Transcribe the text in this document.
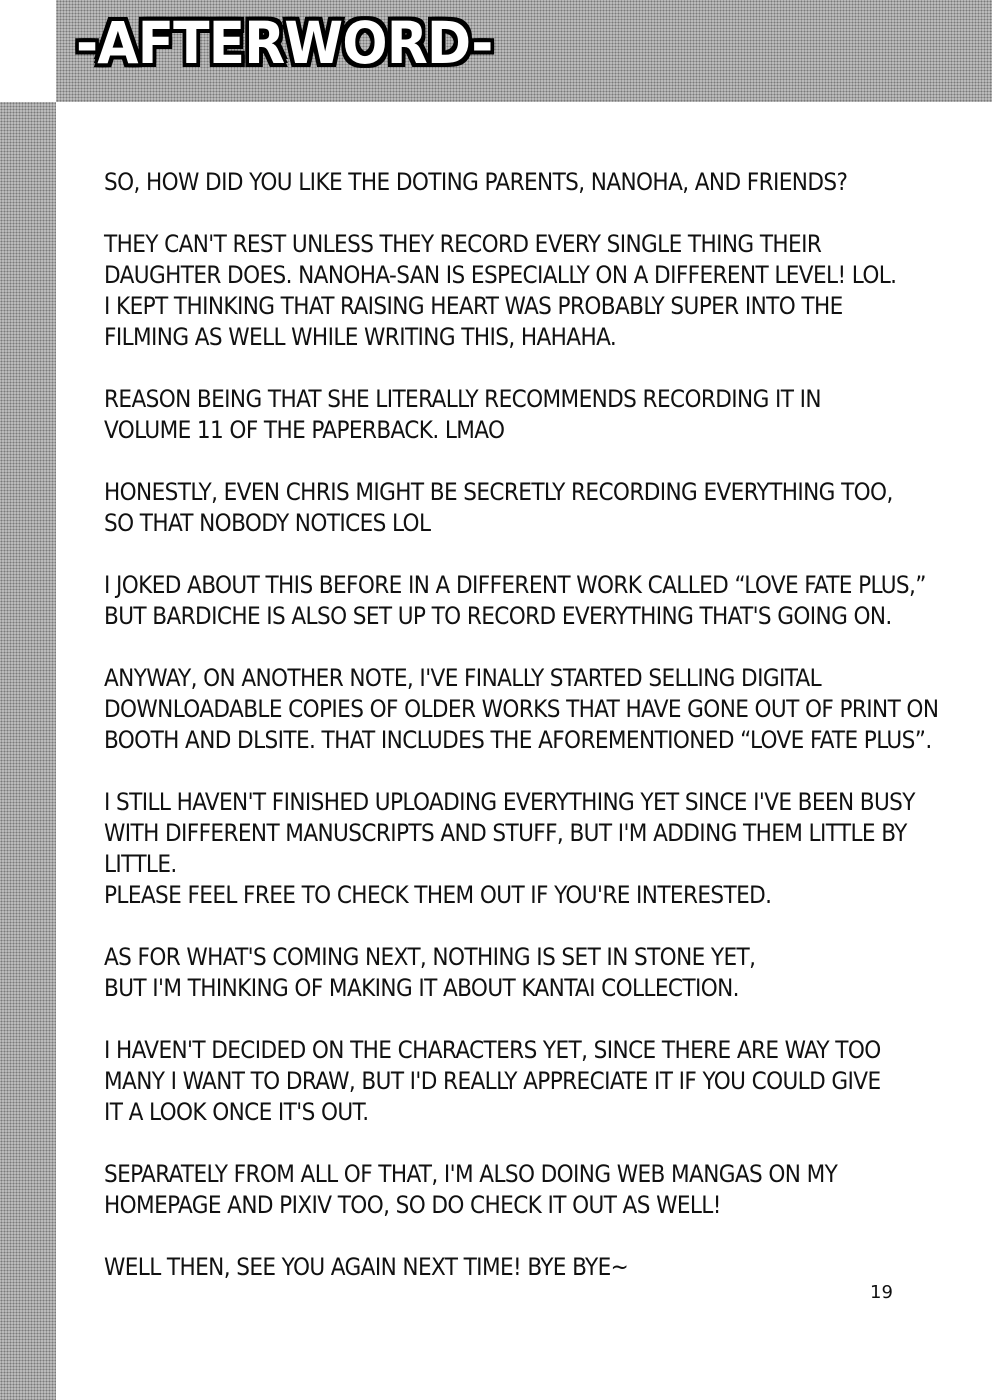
-AFTERWORD-

SO, HOW DID YOU LIKE THE DOTING PARENTS, NANOHA, AND FRIENDS?

THEY CAN'T REST UNLESS THEY RECORD EVERY SINGLE THING THEIR
DAUGHTER DOES. NANOHA-SAN IS ESPECIALLY ON A DIFFERENT LEVEL! LOL.
I KEPT THINKING THAT RAISING HEART WAS PROBABLY SUPER INTO THE
FILMING AS WELL WHILE WRITING THIS, HAHAHA.

REASON BEING THAT SHE LITERALLY RECOMMENDS RECORDING IT IN
VOLUME 11 OF THE PAPERBACK. LMAO

HONESTLY, EVEN CHRIS MIGHT BE SECRETLY RECORDING EVERYTHING TOO,
SO THAT NOBODY NOTICES LOL

I JOKED ABOUT THIS BEFORE IN A DIFFERENT WORK CALLED “LOVE FATE PLUS,”
BUT BARDICHE IS ALSO SET UP TO RECORD EVERYTHING THAT'S GOING ON.

ANYWAY, ON ANOTHER NOTE, I'VE FINALLY STARTED SELLING DIGITAL
DOWNLOADABLE COPIES OF OLDER WORKS THAT HAVE GONE OUT OF PRINT ON
BOOTH AND DLSITE. THAT INCLUDES THE AFOREMENTIONED “LOVE FATE PLUS”.

I STILL HAVEN'T FINISHED UPLOADING EVERYTHING YET SINCE I'VE BEEN BUSY
WITH DIFFERENT MANUSCRIPTS AND STUFF, BUT I'M ADDING THEM LITTLE BY LITTLE.
PLEASE FEEL FREE TO CHECK THEM OUT IF YOU'RE INTERESTED.

AS FOR WHAT'S COMING NEXT, NOTHING IS SET IN STONE YET,
BUT I'M THINKING OF MAKING IT ABOUT KANTAI COLLECTION.

I HAVEN'T DECIDED ON THE CHARACTERS YET, SINCE THERE ARE WAY TOO
MANY I WANT TO DRAW, BUT I'D REALLY APPRECIATE IT IF YOU COULD GIVE
IT A LOOK ONCE IT'S OUT.

SEPARATELY FROM ALL OF THAT, I'M ALSO DOING WEB MANGAS ON MY
HOMEPAGE AND PIXIV TOO, SO DO CHECK IT OUT AS WELL!

WELL THEN, SEE YOU AGAIN NEXT TIME! BYE BYE~

19
